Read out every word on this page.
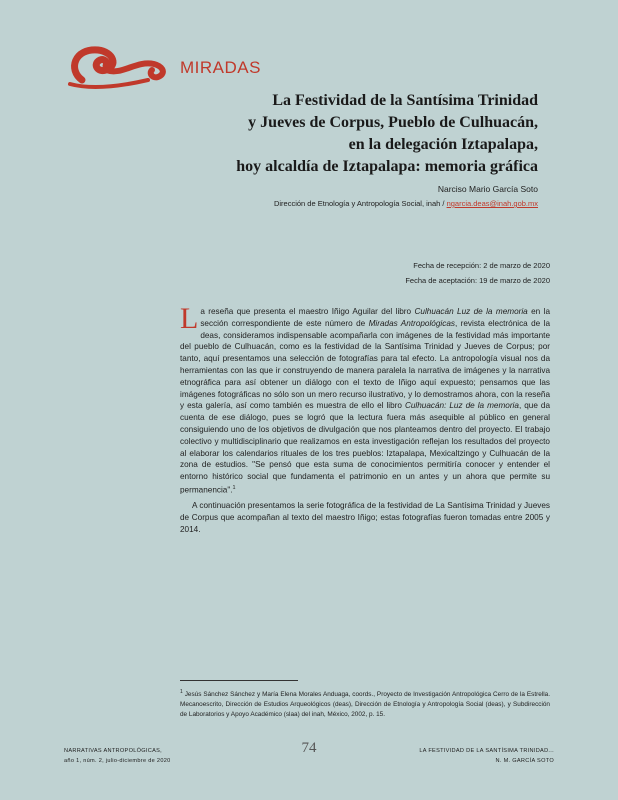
MIRADAS
La Festividad de la Santísima Trinidad
y Jueves de Corpus, Pueblo de Culhuacán,
en la delegación Iztapalapa,
hoy alcaldía de Iztapalapa: memoria gráfica
Narciso Mario García Soto
Dirección de Etnología y Antropología Social, inah / ngarcia.deas@inah.gob.mx
Fecha de recepción: 2 de marzo de 2020
Fecha de aceptación: 19 de marzo de 2020

La reseña que presenta el maestro Iñigo Aguilar del libro Culhuacán Luz de la memoria en la sección correspondiente de este número de Miradas Antropológicas, revista electrónica de la deas, consideramos indispensable acompañarla con imágenes de la festividad más importante del pueblo de Culhuacán, como es la festividad de la Santísima Trinidad y Jueves de Corpus; por tanto, aquí presentamos una selección de fotografías para tal efecto. La antropología visual nos da herramientas con las que ir construyendo de manera paralela la narrativa de imágenes y la narrativa etnográfica para así obtener un diálogo con el texto de Iñigo aquí expuesto; pensamos que las imágenes fotográficas no sólo son un mero recurso ilustrativo, y lo demostramos ahora, con la reseña y esta galería, así como también es muestra de ello el libro Culhuacán: Luz de la memoria, que da cuenta de ese diálogo, pues se logró que la lectura fuera más asequible al público en general consiguiendo uno de los objetivos de divulgación que nos planteamos dentro del proyecto. El trabajo colectivo y multidisciplinario que realizamos en esta investigación reflejan los resultados del proyecto al elaborar los calendarios rituales de los tres pueblos: Iztapalapa, Mexicaltzingo y Culhuacán de la zona de estudios. "Se pensó que esta suma de conocimientos permitiría conocer y entender el entorno histórico social que fundamenta el patrimonio en un antes y un ahora que permite su permanencia".$^1$

A continuación presentamos la serie fotográfica de la festividad de La Santísima Trinidad y Jueves de Corpus que acompañan al texto del maestro Iñigo; estas fotografías fueron tomadas entre 2005 y 2014.

$^1$ Jesús Sánchez Sánchez y María Elena Morales Anduaga, coords., Proyecto de Investigación Antropológica Cerro de la Estrella. Mecanoescrito, Dirección de Estudios Arqueológicos (deas), Dirección de Etnología y Antropología Social (deas), y Subdirección de Laboratorios y Apoyo Académico (slaa) del inah, México, 2002, p. 15.
NARRATIVAS ANTROPOLÓGICAS,
año 1, núm. 2, julio-diciembre de 2020
74	LA FESTIVIDAD DE LA SANTÍSIMA TRINIDAD...
N. M. GARCÍA SOTO
